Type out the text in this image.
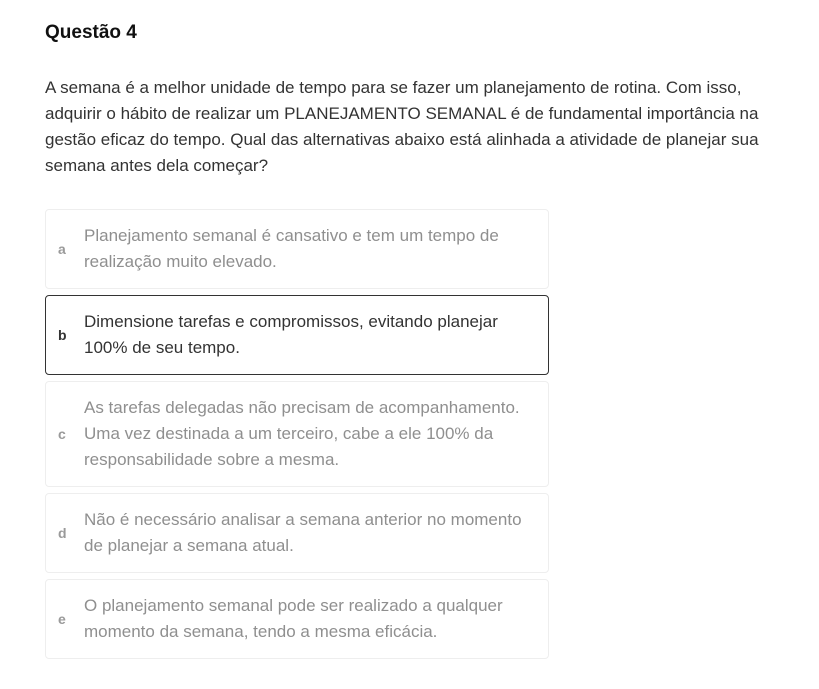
Questão 4

A semana é a melhor unidade de tempo para se fazer um planejamento de rotina. Com isso, adquirir o hábito de realizar um PLANEJAMENTO SEMANAL é de fundamental importância na gestão eficaz do tempo. Qual das alternativas abaixo está alinhada a atividade de planejar sua semana antes dela começar?

a
Planejamento semanal é cansativo e tem um tempo de realização muito elevado.
b
Dimensione tarefas e compromissos, evitando planejar 100% de seu tempo.
c
As tarefas delegadas não precisam de acompanhamento. Uma vez destinada a um terceiro, cabe a ele 100% da responsabilidade sobre a mesma.
d
Não é necessário analisar a semana anterior no momento de planejar a semana atual.
e
O planejamento semanal pode ser realizado a qualquer momento da semana, tendo a mesma eficácia.
